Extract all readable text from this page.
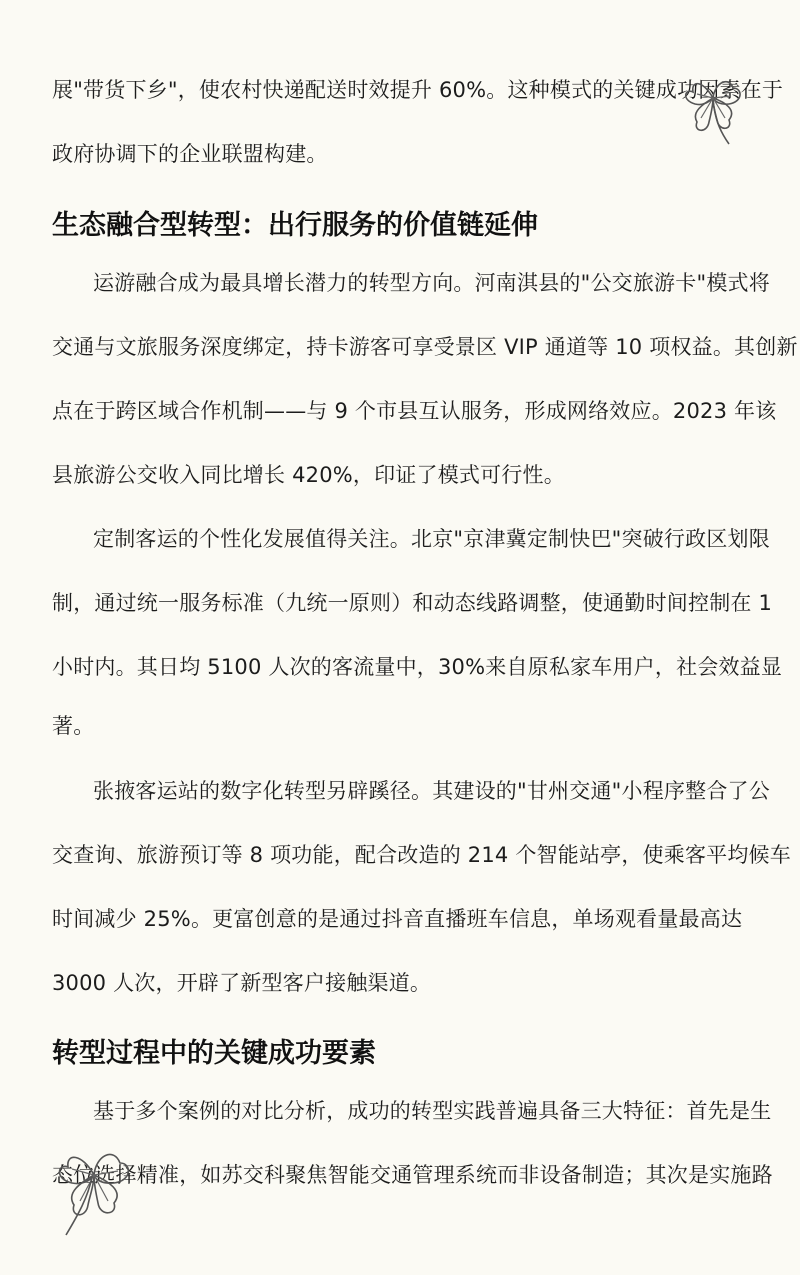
展"带货下乡"，使农村快递配送时效提升 60%。这种模式的关键成功因素在于
政府协调下的企业联盟构建。
生态融合型转型：出行服务的价值链延伸
运游融合成为最具增长潜力的转型方向。河南淇县的"公交旅游卡"模式将
交通与文旅服务深度绑定，持卡游客可享受景区 VIP 通道等 10 项权益。其创新
点在于跨区域合作机制——与 9 个市县互认服务，形成网络效应。2023 年该
县旅游公交收入同比增长 420%，印证了模式可行性。
定制客运的个性化发展值得关注。北京"京津冀定制快巴"突破行政区划限
制，通过统一服务标准（九统一原则）和动态线路调整，使通勤时间控制在 1
小时内。其日均 5100 人次的客流量中，30%来自原私家车用户，社会效益显
著。
张掖客运站的数字化转型另辟蹊径。其建设的"甘州交通"小程序整合了公
交查询、旅游预订等 8 项功能，配合改造的 214 个智能站亭，使乘客平均候车
时间减少 25%。更富创意的是通过抖音直播班车信息，单场观看量最高达
3000 人次，开辟了新型客户接触渠道。
转型过程中的关键成功要素
基于多个案例的对比分析，成功的转型实践普遍具备三大特征：首先是生
态位选择精准，如苏交科聚焦智能交通管理系统而非设备制造；其次是实施路
